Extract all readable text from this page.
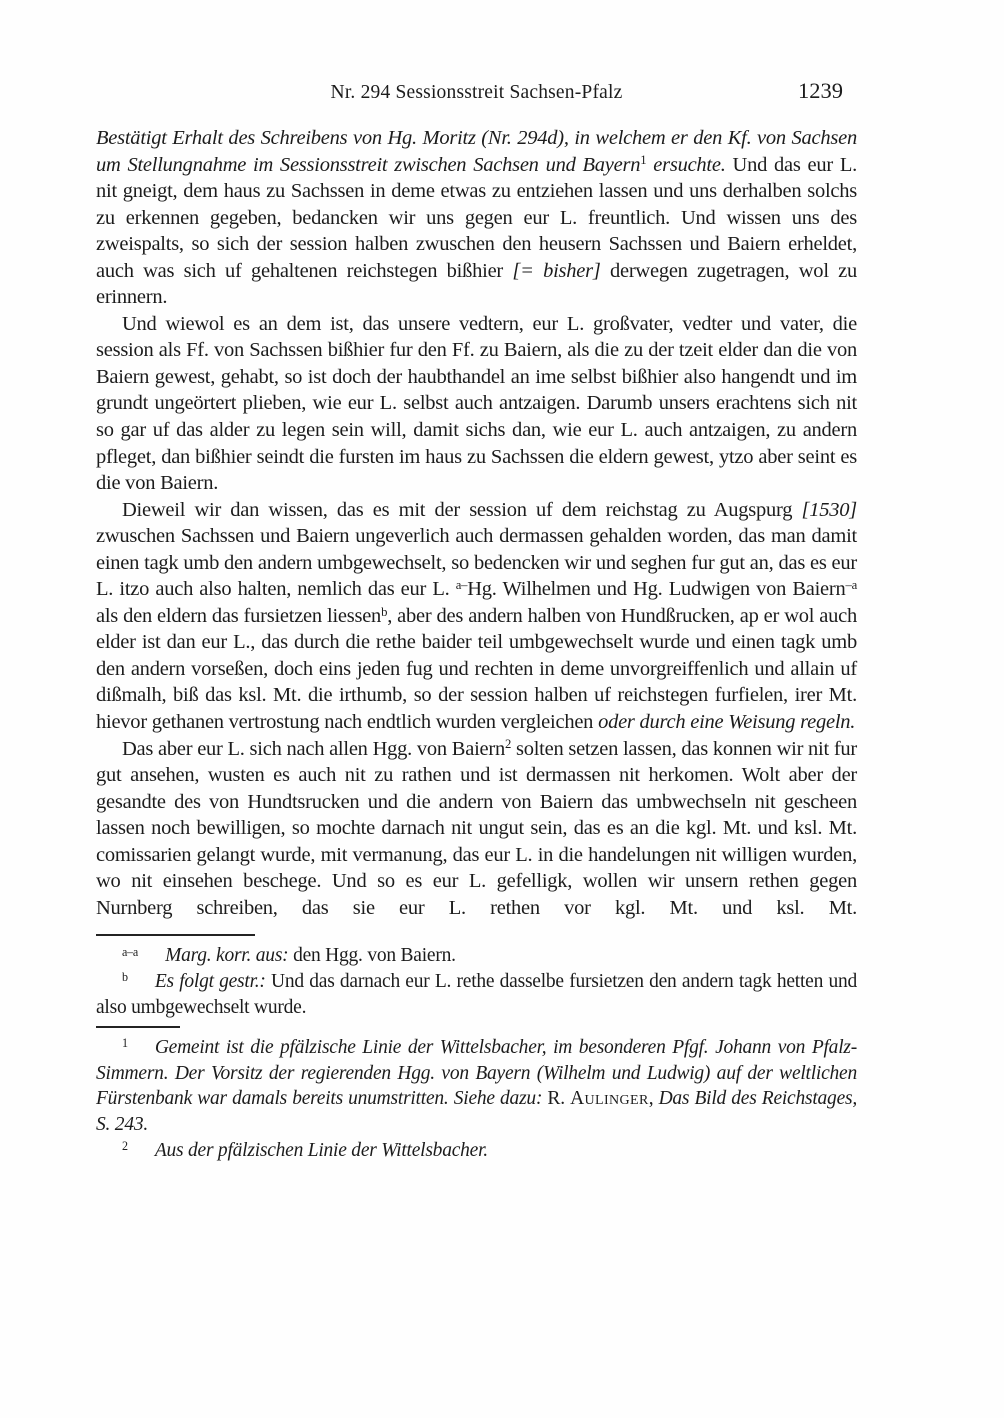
Nr. 294 Sessionsstreit Sachsen-Pfalz	1239

Bestätigt Erhalt des Schreibens von Hg. Moritz (Nr. 294d), in welchem er den Kf. von Sachsen um Stellungnahme im Sessionsstreit zwischen Sachsen und Bayern$^1$ ersuchte. Und das eur L. nit gneigt, dem haus zu Sachssen in deme etwas zu entziehen lassen und uns derhalben solchs zu erkennen gegeben, bedancken wir uns gegen eur L. freuntlich. Und wissen uns des zweispalts, so sich der session halben zwuschen den heusern Sachssen und Baiern erheldet, auch was sich uf gehaltenen reichstegen bißhier [= bisher] derwegen zugetragen, wol zu erinnern.

Und wiewol es an dem ist, das unsere vedtern, eur L. großvater, vedter und vater, die session als Ff. von Sachssen bißhier fur den Ff. zu Baiern, als die zu der tzeit elder dan die von Baiern gewest, gehabt, so ist doch der haubthandel an ime selbst bißhier also hangendt und im grundt ungeörtert plieben, wie eur L. selbst auch antzaigen. Darumb unsers erachtens sich nit so gar uf das alder zu legen sein will, damit sichs dan, wie eur L. auch antzaigen, zu andern pfleget, dan bißhier seindt die fursten im haus zu Sachssen die eldern gewest, ytzo aber seint es die von Baiern.

Dieweil wir dan wissen, das es mit der session uf dem reichstag zu Augspurg [1530] zwuschen Sachssen und Baiern ungeverlich auch dermassen gehalden worden, das man damit einen tagk umb den andern umbgewechselt, so bedencken wir und seghen fur gut an, das es eur L. itzo auch also halten, nemlich das eur L. $^{a-}$Hg. Wilhelmen und Hg. Ludwigen von Baiern$^{-a}$ als den eldern das fursietzen liessen$^b$, aber des andern halben von Hundßrucken, ap er wol auch elder ist dan eur L., das durch die rethe baider teil umbgewechselt wurde und einen tagk umb den andern vorseßen, doch eins jeden fug und rechten in deme unvorgreiffenlich und allain uf dißmalh, biß das ksl. Mt. die irthumb, so der session halben uf reichstegen furfielen, irer Mt. hievor gethanen vertrostung nach endtlich wurden vergleichen oder durch eine Weisung regeln.

Das aber eur L. sich nach allen Hgg. von Baiern$^2$ solten setzen lassen, das konnen wir nit fur gut ansehen, wusten es auch nit zu rathen und ist dermassen nit herkomen. Wolt aber der gesandte des von Hundtsrucken und die andern von Baiern das umbwechseln nit gescheen lassen noch bewilligen, so mochte darnach nit ungut sein, das es an die kgl. Mt. und ksl. Mt. comissarien gelangt wurde, mit vermanung, das eur L. in die handelungen nit willigen wurden, wo nit einsehen beschege. Und so es eur L. gefelligk, wollen wir unsern rethen gegen Nurnberg schreiben, das sie eur L. rethen vor kgl. Mt. und ksl. Mt.

$^{a-a}$ Marg. korr. aus: den Hgg. von Baiern.

$^b$ Es folgt gestr.: Und das darnach eur L. rethe dasselbe fursietzen den andern tagk hetten und also umbgewechselt wurde.

$^1$ Gemeint ist die pfälzische Linie der Wittelsbacher, im besonderen Pfgf. Johann von Pfalz-Simmern. Der Vorsitz der regierenden Hgg. von Bayern (Wilhelm und Ludwig) auf der weltlichen Fürstenbank war damals bereits unumstritten. Siehe dazu: R. Aulinger, Das Bild des Reichstages, S. 243.

$^2$ Aus der pfälzischen Linie der Wittelsbacher.
